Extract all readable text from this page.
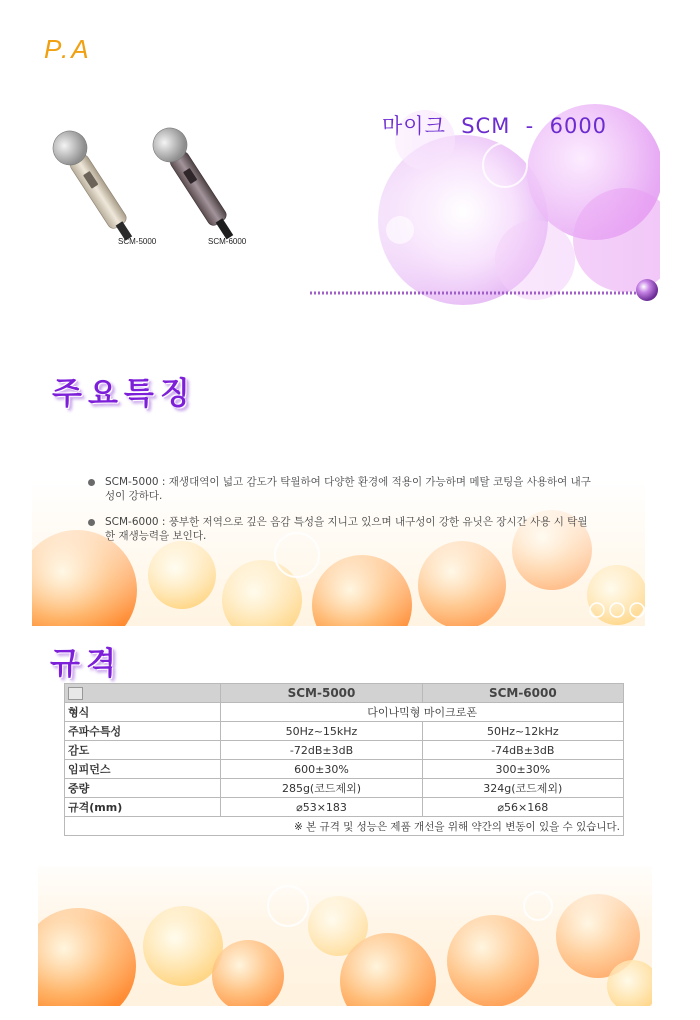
P.A
마이크  SCM  -  6000
SCM-5000	SCM-6000
주요특징
SCM-5000 : 재생대역이 넓고 감도가 탁월하여 다양한 환경에 적용이 가능하며 메탈 코팅을 사용하여 내구성이 강하다.
SCM-6000 : 풍부한 저역으로 깊은 음감 특성을 지니고 있으며 내구성이 강한 유닛은 장시간 사용 시 탁월한 재생능력을 보인다.
규격
	SCM-5000	SCM-6000
형식	다이나믹형 마이크로폰	
주파수특성	50Hz~15kHz	50Hz~12kHz
감도	-72dB±3dB	-74dB±3dB
임피던스	600±30%	300±30%
중량	285g(코드제외)	324g(코드제외)
규격(mm)	⌀53×183	⌀56×168
※ 본 규격 및 성능은 제품 개선을 위해 약간의 변동이 있을 수 있습니다.		
